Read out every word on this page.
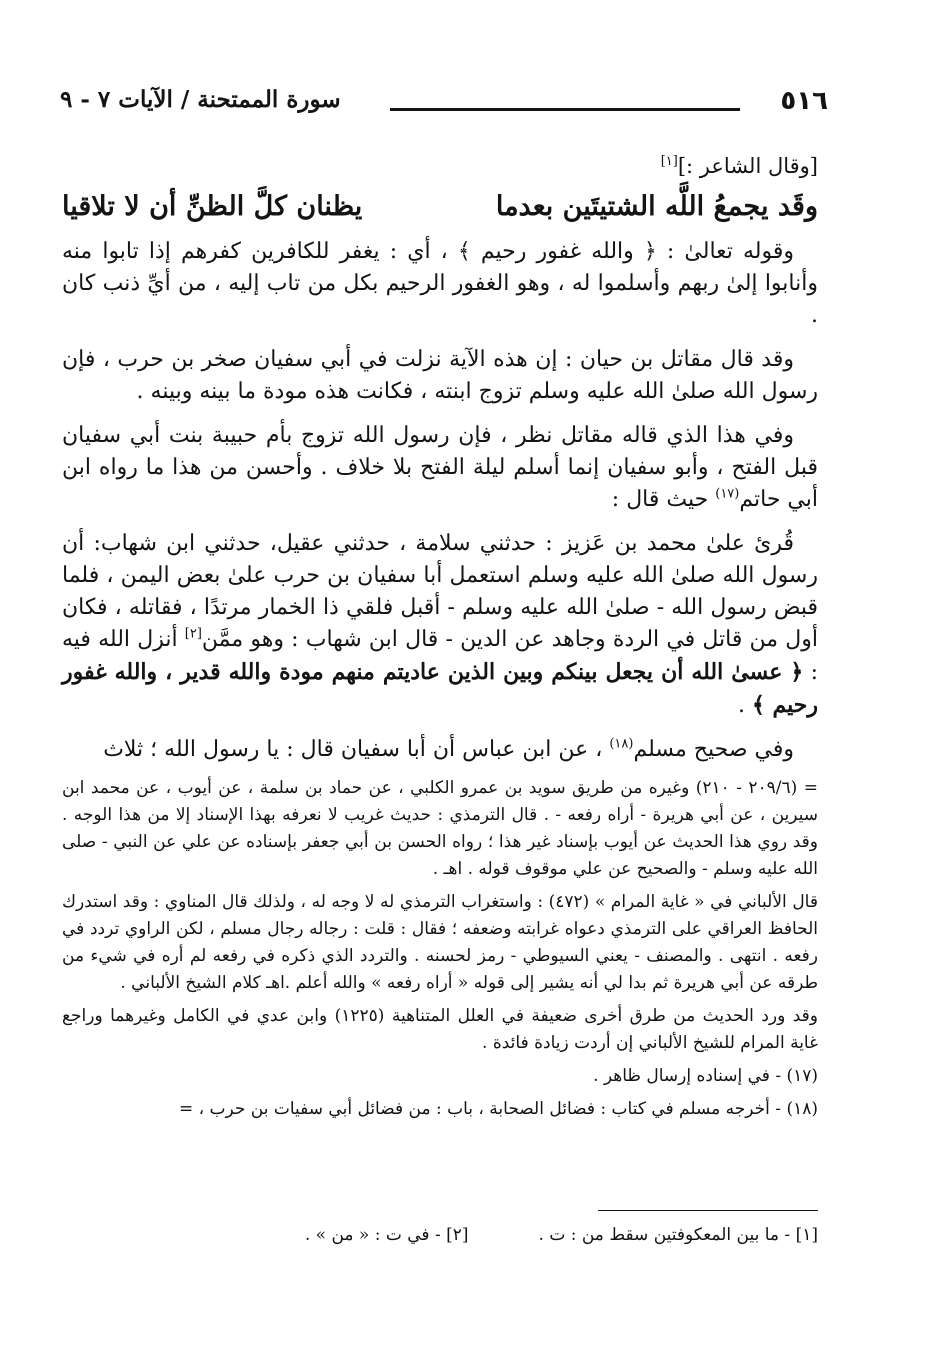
٥١٦
سورة الممتحنة / الآيات ٧ - ٩
[وقال الشاعر :][١]
وقَد يجمعُ اللَّه الشتيتَين بعدما
يظنان كلَّ الظنِّ أن لا تلاقيا

وقوله تعالىٰ : ﴿ والله غفور رحيم ﴾ ، أي : يغفر للكافرين كفرهم إذا تابوا منه وأنابوا إلىٰ ربهم وأسلموا له ، وهو الغفور الرحيم بكل من تاب إليه ، من أيِّ ذنب كان .

وقد قال مقاتل بن حيان : إن هذه الآية نزلت في أبي سفيان صخر بن حرب ، فإن رسول الله صلىٰ الله عليه وسلم تزوج ابنته ، فكانت هذه مودة ما بينه وبينه .

وفي هذا الذي قاله مقاتل نظر ، فإن رسول الله تزوج بأم حبيبة بنت أبي سفيان قبل الفتح ، وأبو سفيان إنما أسلم ليلة الفتح بلا خلاف . وأحسن من هذا ما رواه ابن أبي حاتم$^{(١٧)}$ حيث قال :

قُرئ علىٰ محمد بن عَزيز : حدثني سلامة ، حدثني عقيل، حدثني ابن شهاب: أن رسول الله صلىٰ الله عليه وسلم استعمل أبا سفيان بن حرب علىٰ بعض اليمن ، فلما قبض رسول الله - صلىٰ الله عليه وسلم - أقبل فلقي ذا الخمار مرتدًا ، فقاتله ، فكان أول من قاتل في الردة وجاهد عن الدين - قال ابن شهاب : وهو ممَّن[٢] أنزل الله فيه : ﴿ عسىٰ الله أن يجعل بينكم وبين الذين عاديتم منهم مودة والله قدير ، والله غفور رحيم ﴾ .

وفي صحيح مسلم$^{(١٨)}$ ، عن ابن عباس أن أبا سفيان قال : يا رسول الله ؛ ثلاث

= (٢٠٩/٦ - ٢١٠) وغيره من طريق سويد بن عمرو الكلبي ، عن حماد بن سلمة ، عن أيوب ، عن محمد ابن سيرين ، عن أبي هريرة - أراه رفعه - . قال الترمذي : حديث غريب لا نعرفه بهذا الإسناد إلا من هذا الوجه . وقد روي هذا الحديث عن أيوب بإسناد غير هذا ؛ رواه الحسن بن أبي جعفر بإسناده عن علي عن النبي - صلى الله عليه وسلم - والصحيح عن علي موقوف قوله . اهـ .

قال الألباني في « غاية المرام » (٤٧٢) : واستغراب الترمذي له لا وجه له ، ولذلك قال المناوي : وقد استدرك الحافظ العراقي على الترمذي دعواه غرابته وضعفه ؛ فقال : قلت : رجاله رجال مسلم ، لكن الراوي تردد في رفعه . انتهى . والمصنف - يعني السيوطي - رمز لحسنه . والتردد الذي ذكره في رفعه لم أره في شيء من طرقه عن أبي هريرة ثم بدا لي أنه يشير إلى قوله « أراه رفعه » والله أعلم .اهـ كلام الشيخ الألباني .

وقد ورد الحديث من طرق أخرى ضعيفة في العلل المتناهية (١٢٢٥) وابن عدي في الكامل وغيرهما وراجع غاية المرام للشيخ الألباني إن أردت زيادة فائدة .

(١٧) - في إسناده إرسال ظاهر .

(١٨) - أخرجه مسلم في كتاب : فضائل الصحابة ، باب : من فضائل أبي سفيات بن حرب ، =

[١] - ما بين المعكوفتين سقط من : ت .
[٢] - في ت : « من » .
